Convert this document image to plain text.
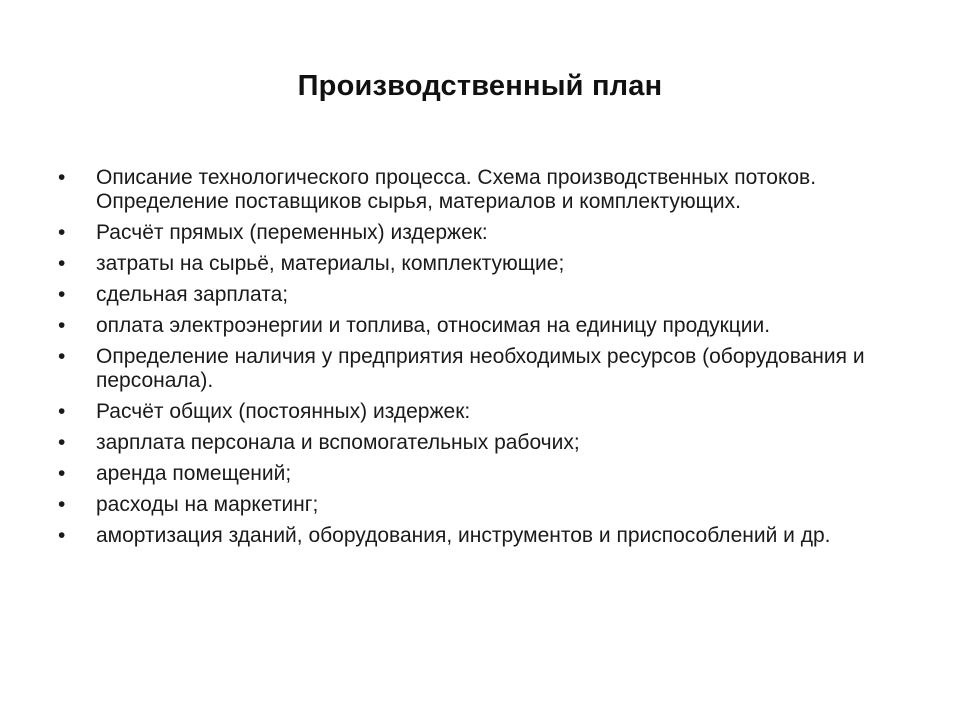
Производственный план
•	Описание технологического процесса. Схема производственных потоков. Определение поставщиков сырья, материалов и комплектующих.
•	Расчёт прямых (переменных) издержек:
•	затраты на сырьё, материалы, комплектующие;
•	сдельная зарплата;
•	оплата электроэнергии и топлива, относимая на единицу продукции.
•	Определение наличия у предприятия необходимых ресурсов (оборудования и персонала).
•	Расчёт общих (постоянных) издержек:
•	зарплата персонала и вспомогательных рабочих;
•	аренда помещений;
•	расходы на маркетинг;
•	амортизация зданий, оборудования, инструментов и приспособлений и др.
